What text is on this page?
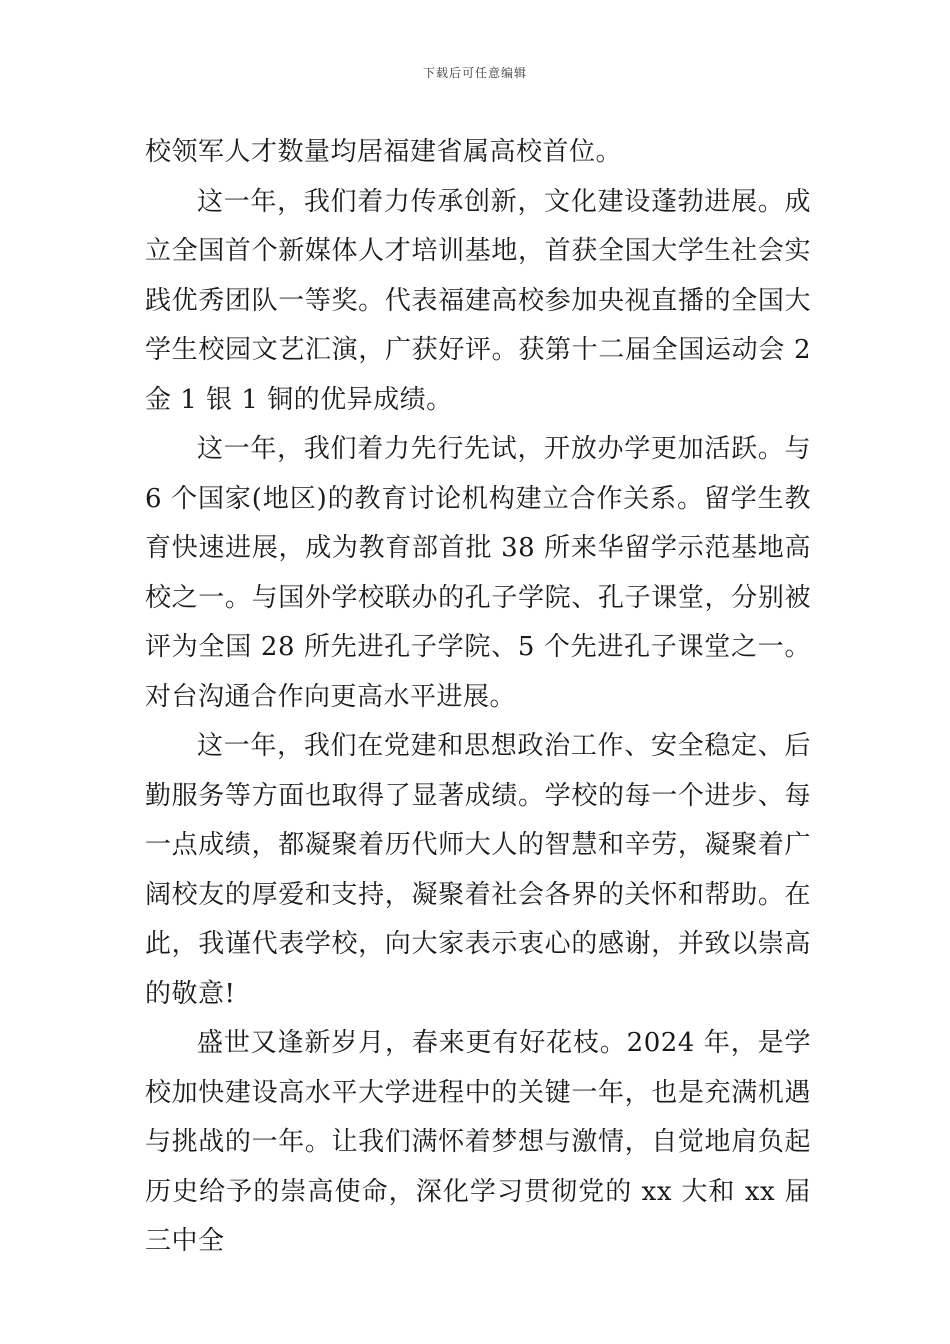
下载后可任意编辑

校领军人才数量均居福建省属高校首位。

这一年，我们着力传承创新，文化建设蓬勃进展。成立全国首个新媒体人才培训基地，首获全国大学生社会实践优秀团队一等奖。代表福建高校参加央视直播的全国大学生校园文艺汇演，广获好评。获第十二届全国运动会 2 金 1 银 1 铜的优异成绩。

这一年，我们着力先行先试，开放办学更加活跃。与 6 个国家(地区)的教育讨论机构建立合作关系。留学生教育快速进展，成为教育部首批 38 所来华留学示范基地高校之一。与国外学校联办的孔子学院、孔子课堂，分别被评为全国 28 所先进孔子学院、5 个先进孔子课堂之一。对台沟通合作向更高水平进展。

这一年，我们在党建和思想政治工作、安全稳定、后勤服务等方面也取得了显著成绩。学校的每一个进步、每一点成绩，都凝聚着历代师大人的智慧和辛劳，凝聚着广阔校友的厚爱和支持，凝聚着社会各界的关怀和帮助。在此，我谨代表学校，向大家表示衷心的感谢，并致以崇高的敬意!

盛世又逢新岁月，春来更有好花枝。2024 年，是学校加快建设高水平大学进程中的关键一年，也是充满机遇与挑战的一年。让我们满怀着梦想与激情，自觉地肩负起历史给予的崇高使命，深化学习贯彻党的 xx 大和 xx 届三中全
